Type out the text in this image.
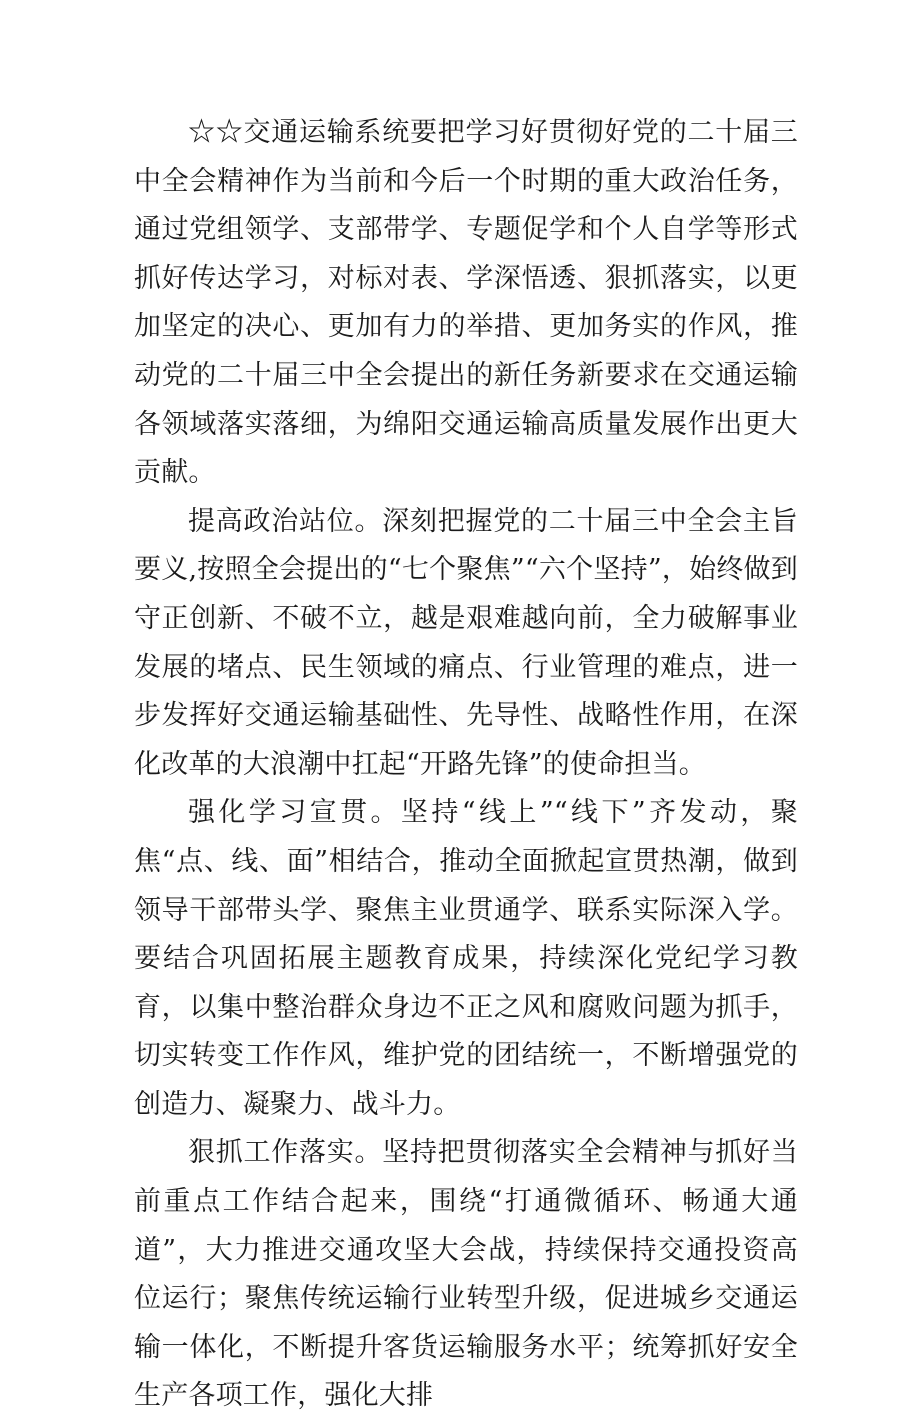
☆☆交通运输系统要把学习好贯彻好党的二十届三中全会精神作为当前和今后一个时期的重大政治任务，通过党组领学、支部带学、专题促学和个人自学等形式抓好传达学习，对标对表、学深悟透、狠抓落实，以更加坚定的决心、更加有力的举措、更加务实的作风，推动党的二十届三中全会提出的新任务新要求在交通运输各领域落实落细，为绵阳交通运输高质量发展作出更大贡献。

提高政治站位。深刻把握党的二十届三中全会主旨要义,按照全会提出的“七个聚焦”“六个坚持”，始终做到守正创新、不破不立，越是艰难越向前，全力破解事业发展的堵点、民生领域的痛点、行业管理的难点，进一步发挥好交通运输基础性、先导性、战略性作用，在深化改革的大浪潮中扛起“开路先锋”的使命担当。

强化学习宣贯。坚持“线上”“线下”齐发动，聚焦“点、线、面”相结合，推动全面掀起宣贯热潮，做到领导干部带头学、聚焦主业贯通学、联系实际深入学。要结合巩固拓展主题教育成果，持续深化党纪学习教育，以集中整治群众身边不正之风和腐败问题为抓手，切实转变工作作风，维护党的团结统一，不断增强党的创造力、凝聚力、战斗力。

狠抓工作落实。坚持把贯彻落实全会精神与抓好当前重点工作结合起来，围绕“打通微循环、畅通大通道”，大力推进交通攻坚大会战，持续保持交通投资高位运行；聚焦传统运输行业转型升级，促进城乡交通运输一体化，不断提升客货运输服务水平；统筹抓好安全生产各项工作，强化大排
